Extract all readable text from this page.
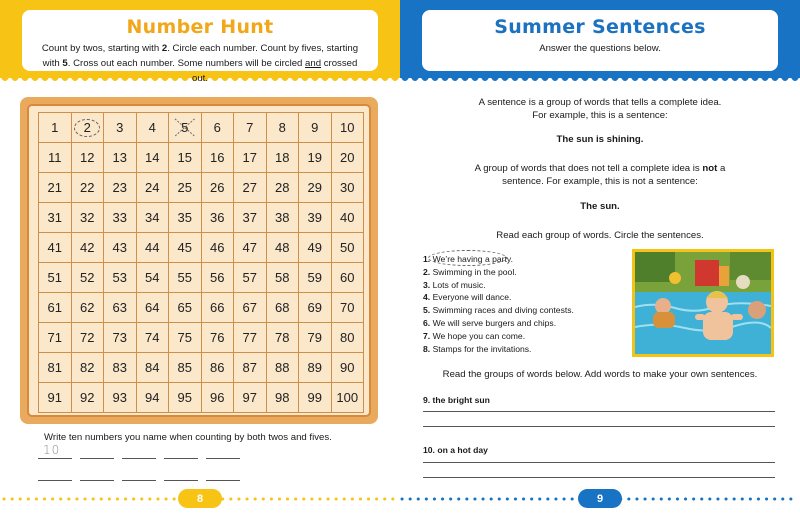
Number Hunt
Count by twos, starting with 2. Circle each number. Count by fives, starting
with 5. Cross out each number. Some numbers will be circled and crossed out.
1 2 3 4 5 6 7 8 9 10
11 12 13 14 15 16 17 18 19 20
21 22 23 24 25 26 27 28 29 30
31 32 33 34 35 36 37 38 39 40
41 42 43 44 45 46 47 48 49 50
51 52 53 54 55 56 57 58 59 60
61 62 63 64 65 66 67 68 69 70
71 72 73 74 75 76 77 78 79 80
81 82 83 84 85 86 87 88 89 90
91 92 93 94 95 96 97 98 99 100
Write ten numbers you name when counting by both twos and fives.
10
8
Summer Sentences
Answer the questions below.
A sentence is a group of words that tells a complete idea.
For example, this is a sentence:
The sun is shining.
A group of words that does not tell a complete idea is not a
sentence. For example, this is not a sentence:
The sun.
Read each group of words. Circle the sentences.
1. We’re having a party.
2. Swimming in the pool.
3. Lots of music.
4. Everyone will dance.
5. Swimming races and diving contests.
6. We will serve burgers and chips.
7. We hope you can come.
8. Stamps for the invitations.
Read the groups of words below. Add words to make your own sentences.
9. the bright sun
10. on a hot day
9
